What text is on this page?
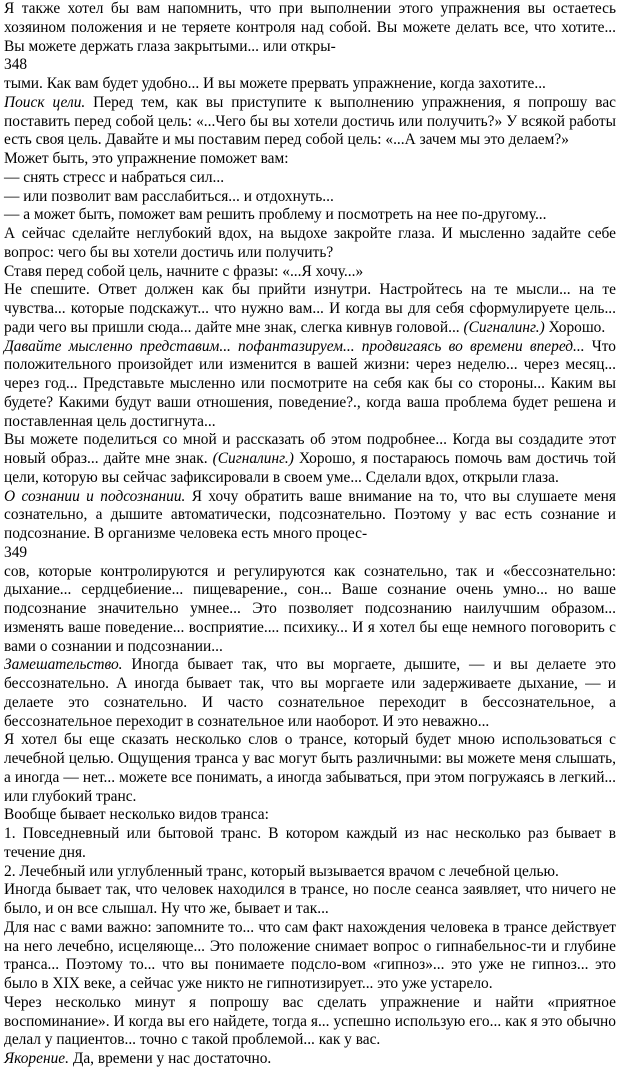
Я также хотел бы вам напомнить, что при выполнении этого упражнения вы остаетесь хозяином положения и не теряете контроля над собой. Вы можете делать все, что хотите... Вы можете держать глаза закрытыми... или откры-

348

тыми. Как вам будет удобно... И вы можете прервать упражнение, когда захотите...

Поиск цели. Перед тем, как вы приступите к выполнению упражнения, я попрошу вас поставить перед собой цель: «...Чего бы вы хотели достичь или получить?» У всякой работы есть своя цель. Давайте и мы поставим перед собой цель: «...А зачем мы это делаем?»

Может быть, это упражнение поможет вам:

— снять стресс и набраться сил...

— или позволит вам расслабиться... и отдохнуть...

— а может быть, поможет вам решить проблему и посмотреть на нее по-другому...

А сейчас сделайте неглубокий вдох, на выдохе закройте глаза. И мысленно задайте себе вопрос: чего бы вы хотели достичь или получить?

Ставя перед собой цель, начните с фразы: «...Я хочу...»

Не спешите. Ответ должен как бы прийти изнутри. Настройтесь на те мысли... на те чувства... которые подскажут... что нужно вам... И когда вы для себя сформулируете цель... ради чего вы пришли сюда... дайте мне знак, слегка кивнув головой... (Сигналинг.) Хорошо.

Давайте мысленно представим... пофантазируем... продвигаясь во времени вперед... Что положительного произойдет или изменится в вашей жизни: через неделю... через месяц... через год... Представьте мысленно или посмотрите на себя как бы со стороны... Каким вы будете? Какими будут ваши отношения, поведение?., когда ваша проблема будет решена и поставленная цель достигнута...

Вы можете поделиться со мной и рассказать об этом подробнее... Когда вы создадите этот новый образ... дайте мне знак. (Сигналинг.) Хорошо, я постараюсь помочь вам достичь той цели, которую вы сейчас зафиксировали в своем уме... Сделали вдох, открыли глаза.

О сознании и подсознании. Я хочу обратить ваше внимание на то, что вы слушаете меня сознательно, а дышите автоматически, подсознательно. Поэтому у вас есть сознание и подсознание. В организме человека есть много процес-

349

сов, которые контролируются и регулируются как сознательно, так и «бессознательно: дыхание... сердцебиение... пищеварение., сон... Ваше сознание очень умно... но ваше подсознание значительно умнее... Это позволяет подсознанию наилучшим образом... изменять ваше поведение... восприятие.... психику... И я хотел бы еще немного поговорить с вами о сознании и подсознании...

Замешательство. Иногда бывает так, что вы моргаете, дышите, — и вы делаете это бессознательно. А иногда бывает так, что вы моргаете или задерживаете дыхание, — и делаете это сознательно. И часто сознательное переходит в бессознательное, а бессознательное переходит в сознательное или наоборот. И это неважно...

Я хотел бы еще сказать несколько слов о трансе, который будет мною использоваться с лечебной целью. Ощущения транса у вас могут быть различными: вы можете меня слышать, а иногда — нет... можете все понимать, а иногда забываться, при этом погружаясь в легкий... или глубокий транс.

Вообще бывает несколько видов транса:

1. Повседневный или бытовой транс. В котором каждый из нас несколько раз бывает в течение дня.

2. Лечебный или углубленный транс, который вызывается врачом с лечебной целью.

Иногда бывает так, что человек находился в трансе, но после сеанса заявляет, что ничего не было, и он все слышал. Ну что же, бывает и так...

Для нас с вами важно: запомните то... что сам факт нахождения человека в трансе действует на него лечебно, исцеляюще... Это положение снимает вопрос о гипнабельнос-ти и глубине транса... Поэтому то... что вы понимаете подсло-вом «гипноз»... это уже не гипноз... это было в XIX веке, а сейчас уже никто не гипнотизирует... это уже устарело.

Через несколько минут я попрошу вас сделать упражнение и найти «приятное воспоминание». И когда вы его найдете, тогда я... успешно использую его... как я это обычно делал у пациентов... точно с такой проблемой... как у вас.

Якорение. Да, времени у нас достаточно.
